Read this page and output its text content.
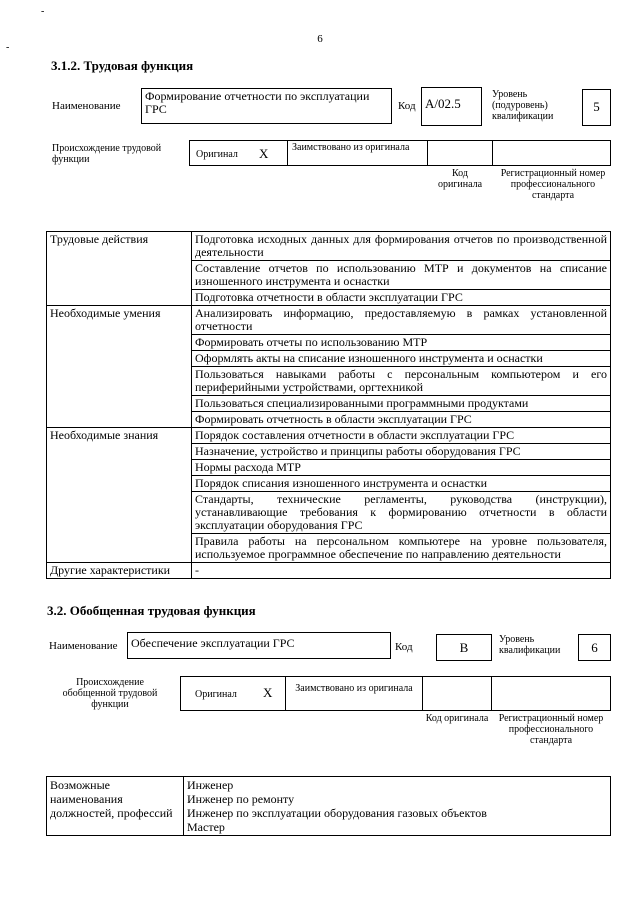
6
-
-
3.1.2. Трудовая функция
Наименование
Формирование отчетности по эксплуатации ГРС	Код А/02.5
Уровень (подуровень) квалификации
5
Происхождение трудовой функции	Оригинал X Заимствовано из оригинала
Код оригинала
Регистрационный номер профессионального стандарта
Трудовые действия	Подготовка исходных данных для формирования отчетов по производственной деятельности
	Составление отчетов по использованию МТР и документов на списание изношенного инструмента и оснастки
	Подготовка отчетности в области эксплуатации ГРС
Необходимые умения	Анализировать информацию, предоставляемую в рамках установленной отчетности
	Формировать отчеты по использованию МТР
	Оформлять акты на списание изношенного инструмента и оснастки
	Пользоваться навыками работы с персональным компьютером и его периферийными устройствами, оргтехникой
	Пользоваться специализированными программными продуктами
	Формировать отчетность в области эксплуатации ГРС
Необходимые знания	Порядок составления отчетности в области эксплуатации ГРС
	Назначение, устройство и принципы работы оборудования ГРС
	Нормы расхода МТР
	Порядок списания изношенного инструмента и оснастки
	Стандарты, технические регламенты, руководства (инструкции), устанавливающие требования к формированию отчетности в области эксплуатации оборудования ГРС
	Правила работы на персональном компьютере на уровне пользователя, используемое программное обеспечение по направлению деятельности
Другие характеристики	-
3.2. Обобщенная трудовая функция
Наименование	Обеспечение эксплуатации ГРС	Код	В
Уровень квалификации	6
Происхождение обобщенной трудовой функции
Оригинал X	Заимствовано из оригинала
Код оригинала	Регистрационный номер профессионального стандарта
Возможные наименования должностей, профессий	
Инженер
Инженер по ремонту
Инженер по эксплуатации оборудования газовых объектов
Мастер
